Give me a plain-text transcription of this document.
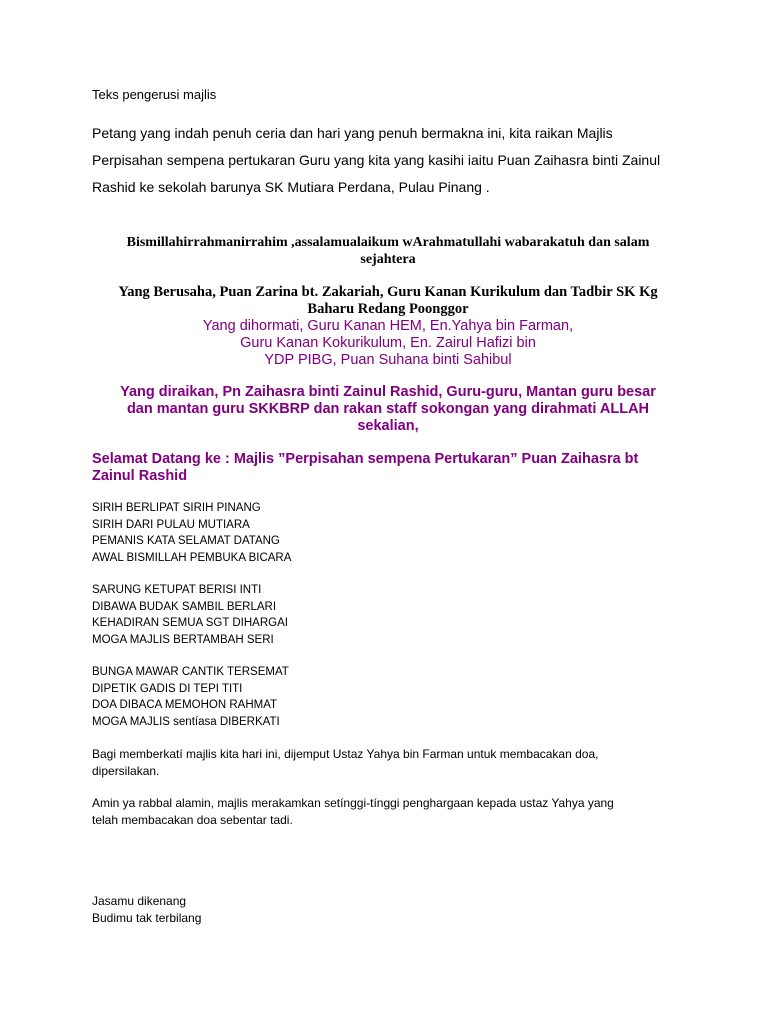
Teks pengerusi majlis

Petang yang indah penuh ceria dan hari yang penuh bermakna ini, kita raikan Majlis
Perpisahan sempena pertukaran Guru yang kita yang kasihi iaitu Puan Zaihasra binti Zainul
Rashid ke sekolah barunya SK Mutiara Perdana, Pulau Pinang .

Bismillahirrahmanirrahim ,assalamualaikum wArahmatullahi wabarakatuh dan salam
sejahtera

Yang Berusaha, Puan Zarina bt. Zakariah, Guru Kanan Kurikulum dan Tadbir SK Kg
Baharu Redang Poonggor

Yang dihormati, Guru Kanan HEM, En.Yahya bin Farman,
Guru Kanan Kokurikulum, En. Zairul Hafizi bin
YDP PIBG, Puan Suhana binti Sahibul

Yang diraikan, Pn Zaihasra binti Zainul Rashid, Guru-guru, Mantan guru besar
dan mantan guru SKKBRP dan rakan staff sokongan yang dirahmati ALLAH
sekalian,

Selamat Datang ke : Majlis ”Perpisahan sempena Pertukaran” Puan Zaihasra bt
Zainul Rashid

SIRIH BERLIPAT SIRIH PINANG
SIRIH DARI PULAU MUTIARA
PEMANIS KATA SELAMAT DATANG
AWAL BISMILLAH PEMBUKA BICARA

SARUNG KETUPAT BERISI INTI
DIBAWA BUDAK SAMBIL BERLARI
KEHADIRAN SEMUA SGT DIHARGAI
MOGA MAJLIS BERTAMBAH SERI

BUNGA MAWAR CANTIK TERSEMAT
DIPETIK GADIS DI TEPI TITI
DOA DIBACA MEMOHON RAHMAT
MOGA MAJLIS sentíasa DIBERKATI

Bagi memberkatí majlis kita hari ini, dijemput Ustaz Yahya bin Farman untuk membacakan doa,
dipersilakan.

Amin ya rabbal alamin, majlis merakamkan setínggi-tínggi penghargaan kepada ustaz Yahya yang
telah membacakan doa sebentar tadi.

Jasamu dikenang
Budimu tak terbilang
